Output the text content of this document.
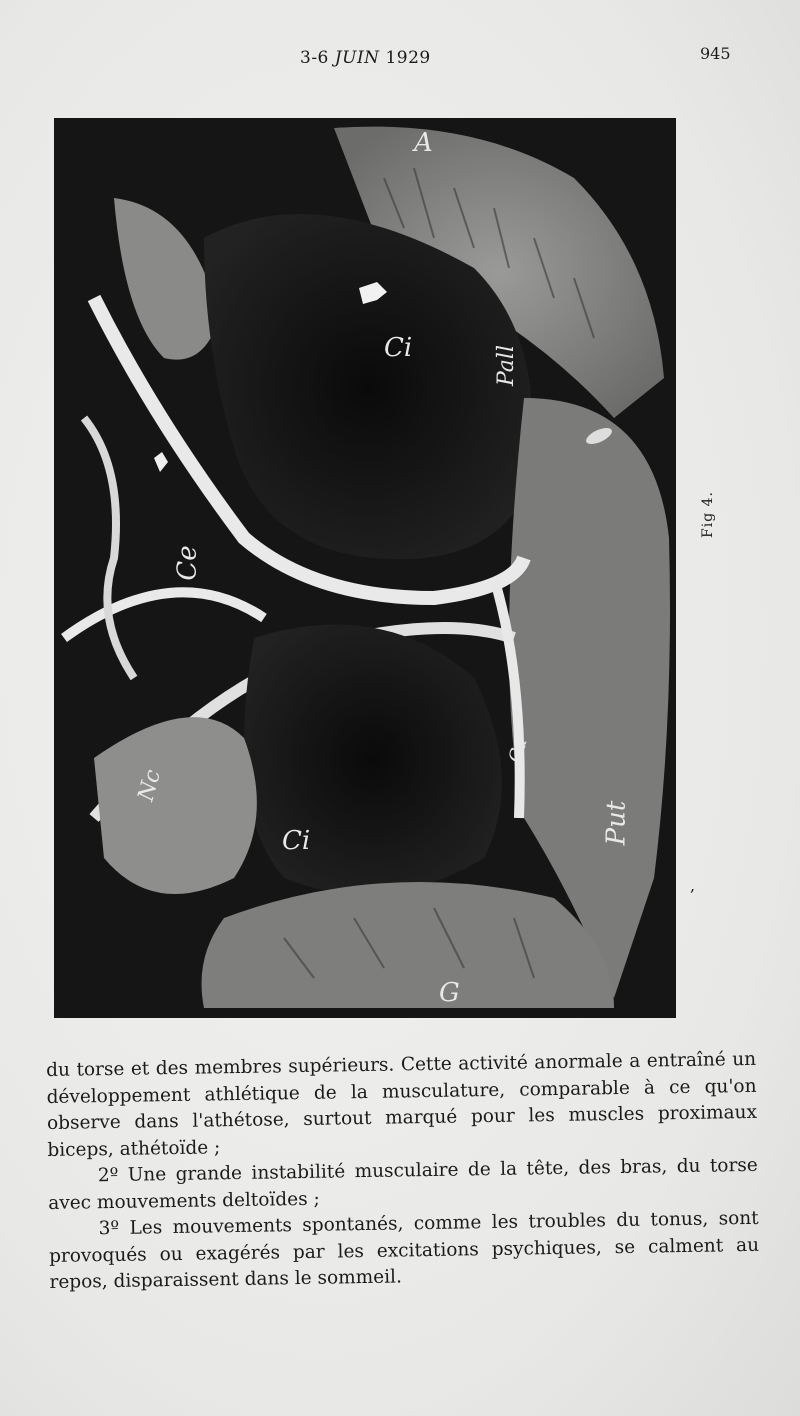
3-6 JUIN 1929	945
A
Ci	Pall
Ce
Nc
Ci
Ca
Put
G
Fig 4.
,

du torse et des membres supérieurs. Cette activité anormale a entraîné un développement athlétique de la musculature, comparable à ce qu'on observe dans l'athétose, surtout marqué pour les muscles proximaux biceps, athétoïde ;

2º Une grande instabilité musculaire de la tête, des bras, du torse avec mouvements deltoïdes ;

3º Les mouvements spontanés, comme les troubles du tonus, sont provoqués ou exagérés par les excitations psychiques, se calment au repos, disparaissent dans le sommeil.
